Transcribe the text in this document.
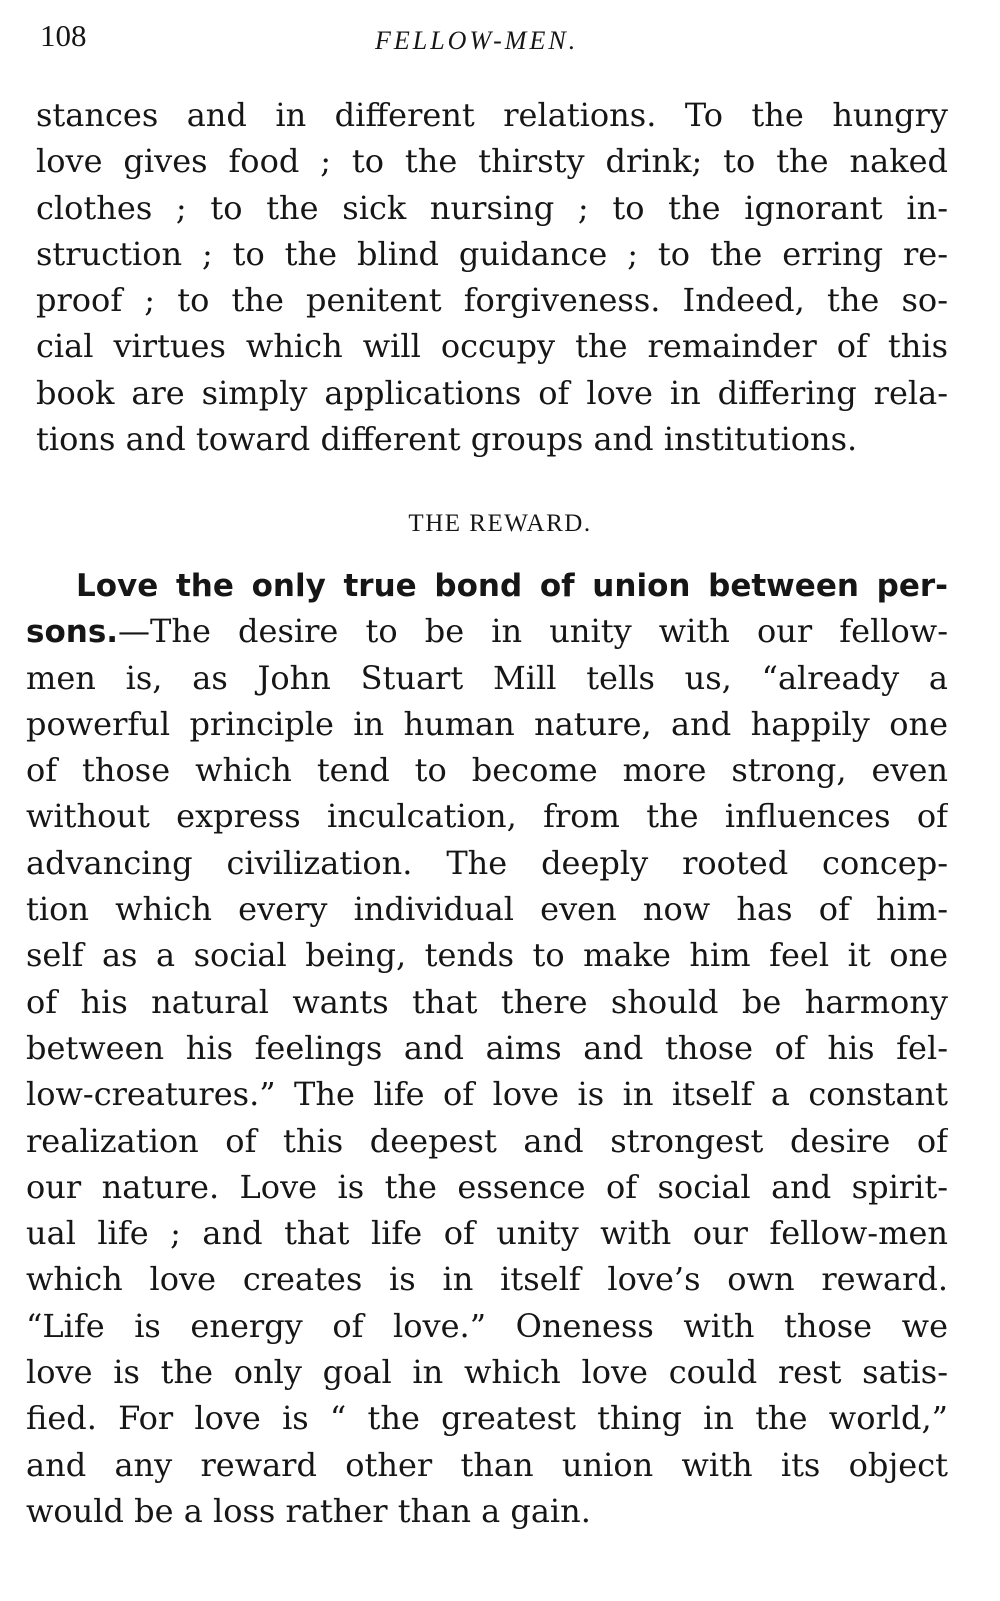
108	FELLOW-MEN.
stances and in different relations. To the hungry
love gives food ; to the thirsty drink; to the naked
clothes ; to the sick nursing ; to the ignorant in-
struction ; to the blind guidance ; to the erring re-
proof ; to the penitent forgiveness. Indeed, the so-
cial virtues which will occupy the remainder of this
book are simply applications of love in differing rela-
tions and toward different groups and institutions.
THE REWARD.
Love the only true bond of union between per-
sons.—The desire to be in unity with our fellow-
men is, as John Stuart Mill tells us, “already a
powerful principle in human nature, and happily one
of those which tend to become more strong, even
without express inculcation, from the influences of
advancing civilization. The deeply rooted concep-
tion which every individual even now has of him-
self as a social being, tends to make him feel it one
of his natural wants that there should be harmony
between his feelings and aims and those of his fel-
low-creatures.” The life of love is in itself a constant
realization of this deepest and strongest desire of
our nature. Love is the essence of social and spirit-
ual life ; and that life of unity with our fellow-men
which love creates is in itself love’s own reward.
“Life is energy of love.” Oneness with those we
love is the only goal in which love could rest satis-
fied. For love is “ the greatest thing in the world,”
and any reward other than union with its object
would be a loss rather than a gain.
